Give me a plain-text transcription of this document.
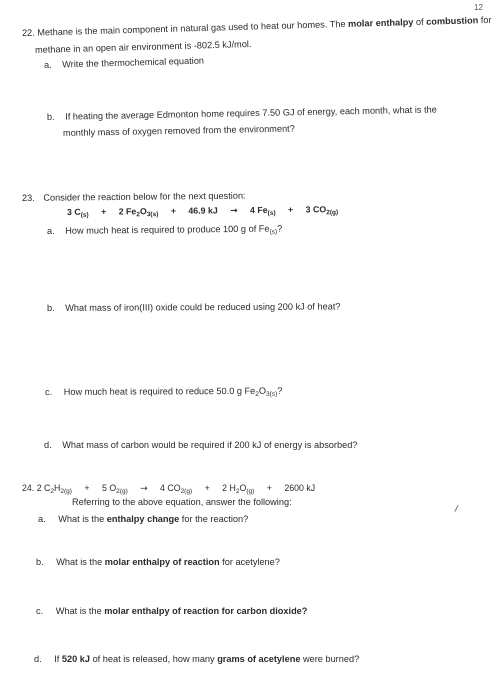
12
22. Methane is the main component in natural gas used to heat our homes. The molar enthalpy of combustion for
methane in an open air environment is -802.5 kJ/mol.
a. Write the thermochemical equation
b. If heating the average Edmonton home requires 7.50 GJ of energy, each month, what is the
monthly mass of oxygen removed from the environment?
23. Consider the reaction below for the next question:
3 $C_{(s)} + 2$ $Fe_2O_{3(s)} + 46.9$ kJ → 4 $Fe_{(s)} + 3$ $CO_{2(g)}$
a. How much heat is required to produce 100 g of $Fe_{(s)}$?
b. What mass of iron(III) oxide could be reduced using 200 kJ of heat?
c. How much heat is required to reduce 50.0 g $Fe_2O_{3(s)}$?
d. What mass of carbon would be required if 200 kJ of energy is absorbed?
24. 2 $C_2H_{2(g)} + 5$ $O_{2(g)} \to 4$ $CO_{2(g)} + 2$ $H_2O_{(g)} + 2600$ kJ
Referring to the above equation, answer the following:
a. What is the enthalpy change for the reaction?
b. What is the molar enthalpy of reaction for acetylene?
c. What is the molar enthalpy of reaction for carbon dioxide?
d. If 520 kJ of heat is released, how many grams of acetylene were burned?
